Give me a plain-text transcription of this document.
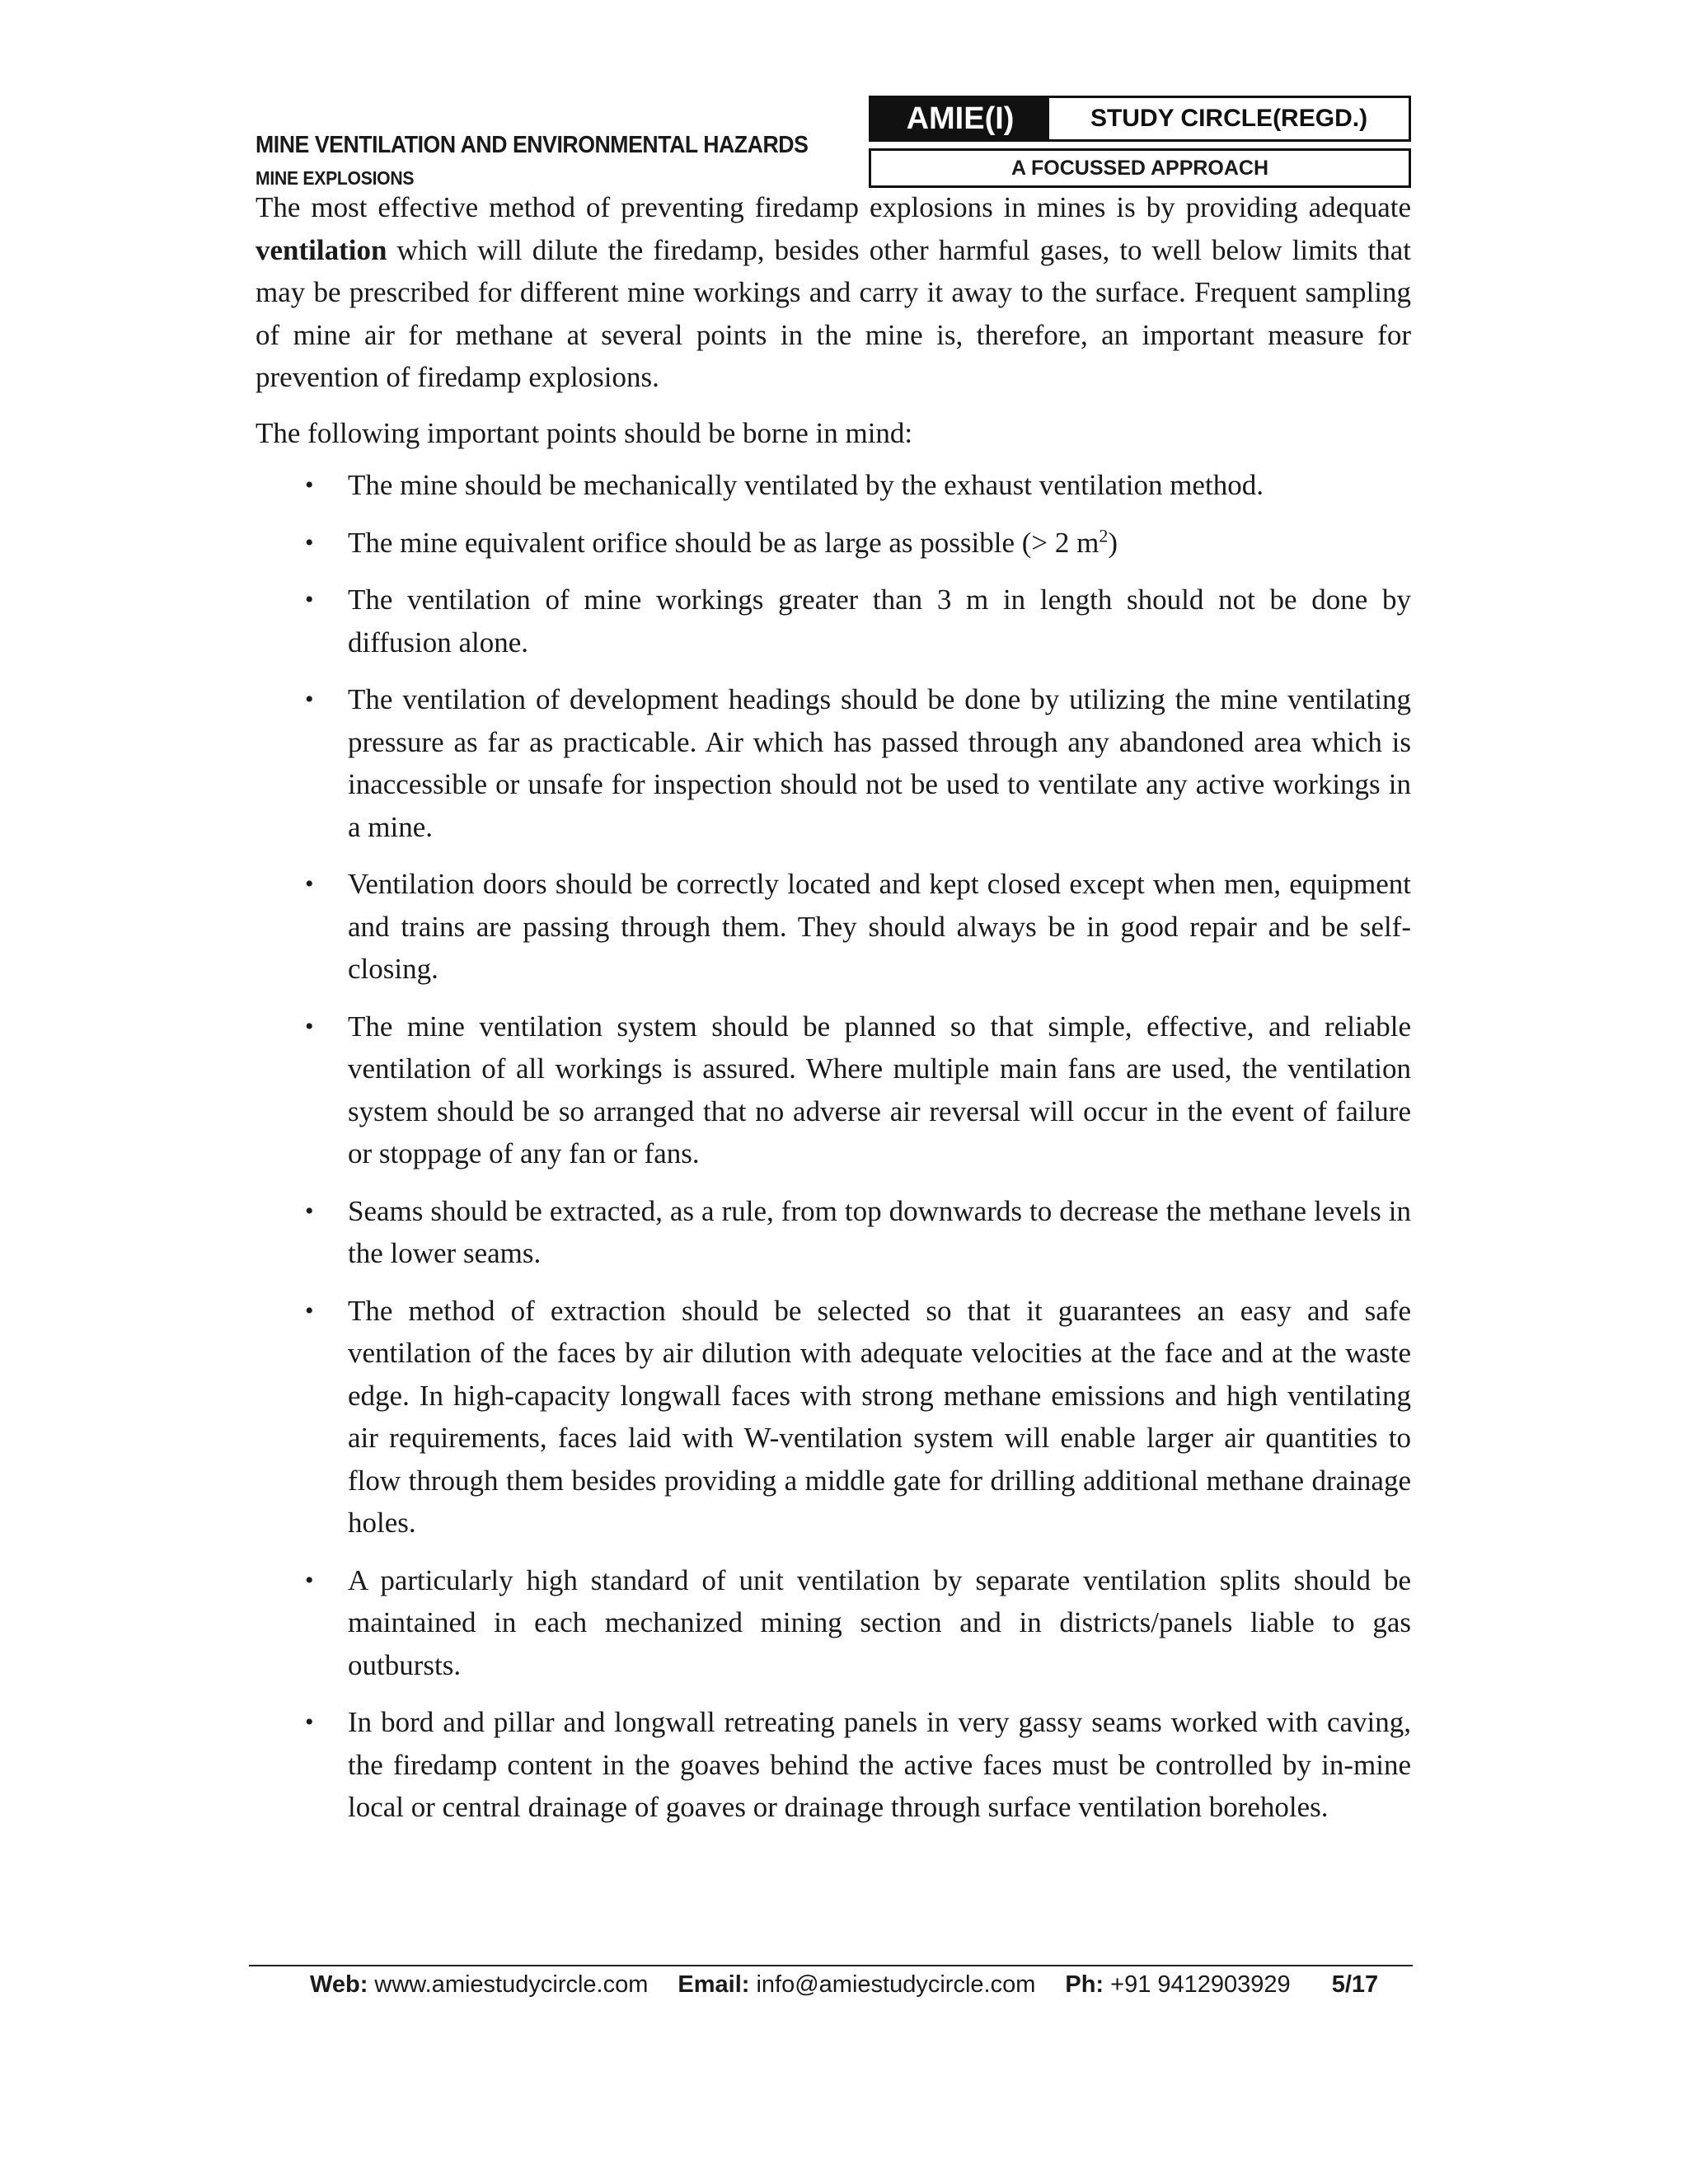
MINE VENTILATION AND ENVIRONMENTAL HAZARDS
MINE EXPLOSIONS
AMIE(I)	STUDY CIRCLE(REGD.)
A FOCUSSED APPROACH

The most effective method of preventing firedamp explosions in mines is by providing adequate ventilation which will dilute the firedamp, besides other harmful gases, to well below limits that may be prescribed for different mine workings and carry it away to the surface. Frequent sampling of mine air for methane at several points in the mine is, therefore, an important measure for prevention of firedamp explosions.

The following important points should be borne in mind:

• The mine should be mechanically ventilated by the exhaust ventilation method.
• The mine equivalent orifice should be as large as possible (> 2 $m^2$)
• The ventilation of mine workings greater than 3 m in length should not be done by diffusion alone.
• The ventilation of development headings should be done by utilizing the mine ventilating pressure as far as practicable. Air which has passed through any abandoned area which is inaccessible or unsafe for inspection should not be used to ventilate any active workings in a mine.
• Ventilation doors should be correctly located and kept closed except when men, equipment and trains are passing through them. They should always be in good repair and be self-closing.
• The mine ventilation system should be planned so that simple, effective, and reliable ventilation of all workings is assured. Where multiple main fans are used, the ventilation system should be so arranged that no adverse air reversal will occur in the event of failure or stoppage of any fan or fans.
• Seams should be extracted, as a rule, from top downwards to decrease the methane levels in the lower seams.
• The method of extraction should be selected so that it guarantees an easy and safe ventilation of the faces by air dilution with adequate velocities at the face and at the waste edge. In high-capacity longwall faces with strong methane emissions and high ventilating air requirements, faces laid with W-ventilation system will enable larger air quantities to flow through them besides providing a middle gate for drilling additional methane drainage holes.
• A particularly high standard of unit ventilation by separate ventilation splits should be maintained in each mechanized mining section and in districts/panels liable to gas outbursts.
• In bord and pillar and longwall retreating panels in very gassy seams worked with caving, the firedamp content in the goaves behind the active faces must be controlled by in-mine local or central drainage of goaves or drainage through surface ventilation boreholes.
Web: www.amiestudycircle.com Email: info@amiestudycircle.com Ph: +91 9412903929 5/17
